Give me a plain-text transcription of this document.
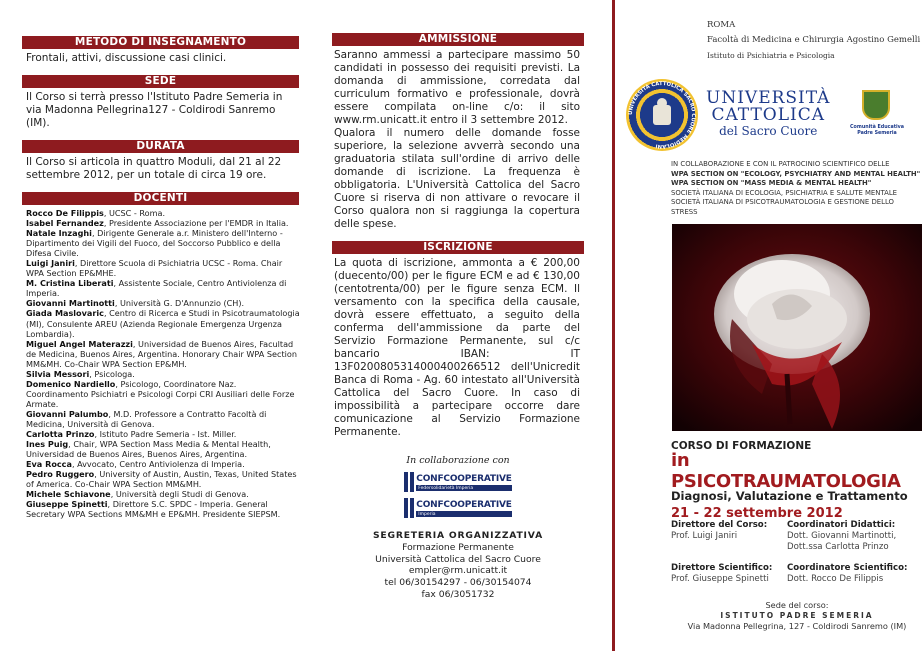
METODO DI INSEGNAMENTO
Frontali, attivi, discussione casi clinici.
SEDE
Il Corso si terrà presso l'Istituto Padre Semeria in via Madonna Pellegrina127 - Coldirodi Sanremo (IM).
DURATA
Il Corso si articola in quattro Moduli, dal 21 al 22 settembre 2012, per un totale di circa 19 ore.
DOCENTI
Rocco De Filippis, UCSC - Roma.
Isabel Fernandez, Presidente Associazione per l'EMDR in Italia.
Natale Inzaghi, Dirigente Generale a.r. Ministero dell'Interno - Dipartimento dei Vigili del Fuoco, del Soccorso Pubblico e della Difesa Civile.
Luigi Janiri, Direttore Scuola di Psichiatria UCSC - Roma. Chair WPA Section EP&MHE.
M. Cristina Liberati, Assistente Sociale, Centro Antiviolenza di Imperia.
Giovanni Martinotti, Università G. D'Annunzio (CH).
Giada Maslovaric, Centro di Ricerca e Studi in Psicotraumatologia (MI), Consulente AREU (Azienda Regionale Emergenza Urgenza Lombardia).
Miguel Angel Materazzi, Universidad de Buenos Aires, Facultad de Medicina, Buenos Aires, Argentina. Honorary Chair WPA Section MM&MH. Co-Chair WPA Section EP&MH.
Silvia Messori, Psicologa.
Domenico Nardiello, Psicologo, Coordinatore Naz. Coordinamento Psichiatri e Psicologi Corpi CRI Ausiliari delle Forze Armate.
Giovanni Palumbo, M.D. Professore a Contratto Facoltà di Medicina, Università di Genova.
Carlotta Prinzo, Istituto Padre Semeria - Ist. Miller.
Ines Puig, Chair, WPA Section Mass Media & Mental Health, Universidad de Buenos Aires, Buenos Aires, Argentina.
Eva Rocca, Avvocato, Centro Antiviolenza di Imperia.
Pedro Ruggero, University of Austin, Austin, Texas, United States of America. Co-Chair WPA Section MM&MH.
Michele Schiavone, Università degli Studi di Genova.
Giuseppe Spinetti, Direttore S.C. SPDC - Imperia. General Secretary WPA Sections MM&MH e EP&MH. Presidente SIEPSM.
AMMISSIONE
Saranno ammessi a partecipare massimo 50 candidati in possesso dei requisiti previsti. La domanda di ammissione, corredata dal curriculum formativo e professionale, dovrà essere compilata on-line c/o: il sito www.rm.unicatt.it entro il 3 settembre 2012.
Qualora il numero delle domande fosse superiore, la selezione avverrà secondo una graduatoria stilata sull'ordine di arrivo delle domande di iscrizione. La frequenza è obbligatoria. L'Università Cattolica del Sacro Cuore si riserva di non attivare o revocare il Corso qualora non si raggiunga la copertura delle spese.
ISCRIZIONE
La quota di iscrizione, ammonta a € 200,00 (duecento/00) per le figure ECM e ad € 130,00 (centotrenta/00) per le figure senza ECM. Il versamento con la specifica della causale, dovrà essere effettuato, a seguito della conferma dell'ammissione da parte del Servizio Formazione Permanente, sul c/c bancario IBAN: IT 13F0200805314000400266512 dell'Unicredit Banca di Roma - Ag. 60 intestato all'Università Cattolica del Sacro Cuore. In caso di impossibilità a partecipare occorre dare comunicazione al Servizio Formazione Permanente.
In collaborazione con
CONFCOOPERATIVE
Federsolidarietà Imperia
CONFCOOPERATIVE
Imperia
SEGRETERIA ORGANIZZATIVA
Formazione Permanente
Università Cattolica del Sacro Cuore
empler@rm.unicatt.it
tel 06/30154297 - 06/30154074
fax 06/3051732
ROMA
Facoltà di Medicina e Chirurgia Agostino Gemelli
Istituto di Psichiatria e Psicologia
UNIVERSITÀ CATTOLICA SACRO CUORE MEDIOLANI
UNIVERSITÀ
CATTOLICA
del Sacro Cuore	Comunità Educativa Padre Semeria
IN COLLABORAZIONE E CON IL PATROCINIO SCIENTIFICO DELLE
WPA SECTION ON "ECOLOGY, PSYCHIATRY AND MENTAL HEALTH"
WPA SECTION ON "MASS MEDIA & MENTAL HEALTH"
SOCIETÀ ITALIANA DI ECOLOGIA, PSICHIATRIA E SALUTE MENTALE
SOCIETÀ ITALIANA DI PSICOTRAUMATOLOGIA E GESTIONE DELLO STRESS
CORSO DI FORMAZIONE
in PSICOTRAUMATOLOGIA
Diagnosi, Valutazione e Trattamento
21 - 22 settembre 2012
Direttore del Corso:
Prof. Luigi Janiri
Coordinatori Didattici:
Dott. Giovanni Martinotti,
Dott.ssa Carlotta Prinzo
Direttore Scientifico:
Prof. Giuseppe Spinetti
Coordinatore Scientifico:
Dott. Rocco De Filippis
Sede del corso:
ISTITUTO PADRE SEMERIA
Via Madonna Pellegrina, 127 - Coldirodi Sanremo (IM)
